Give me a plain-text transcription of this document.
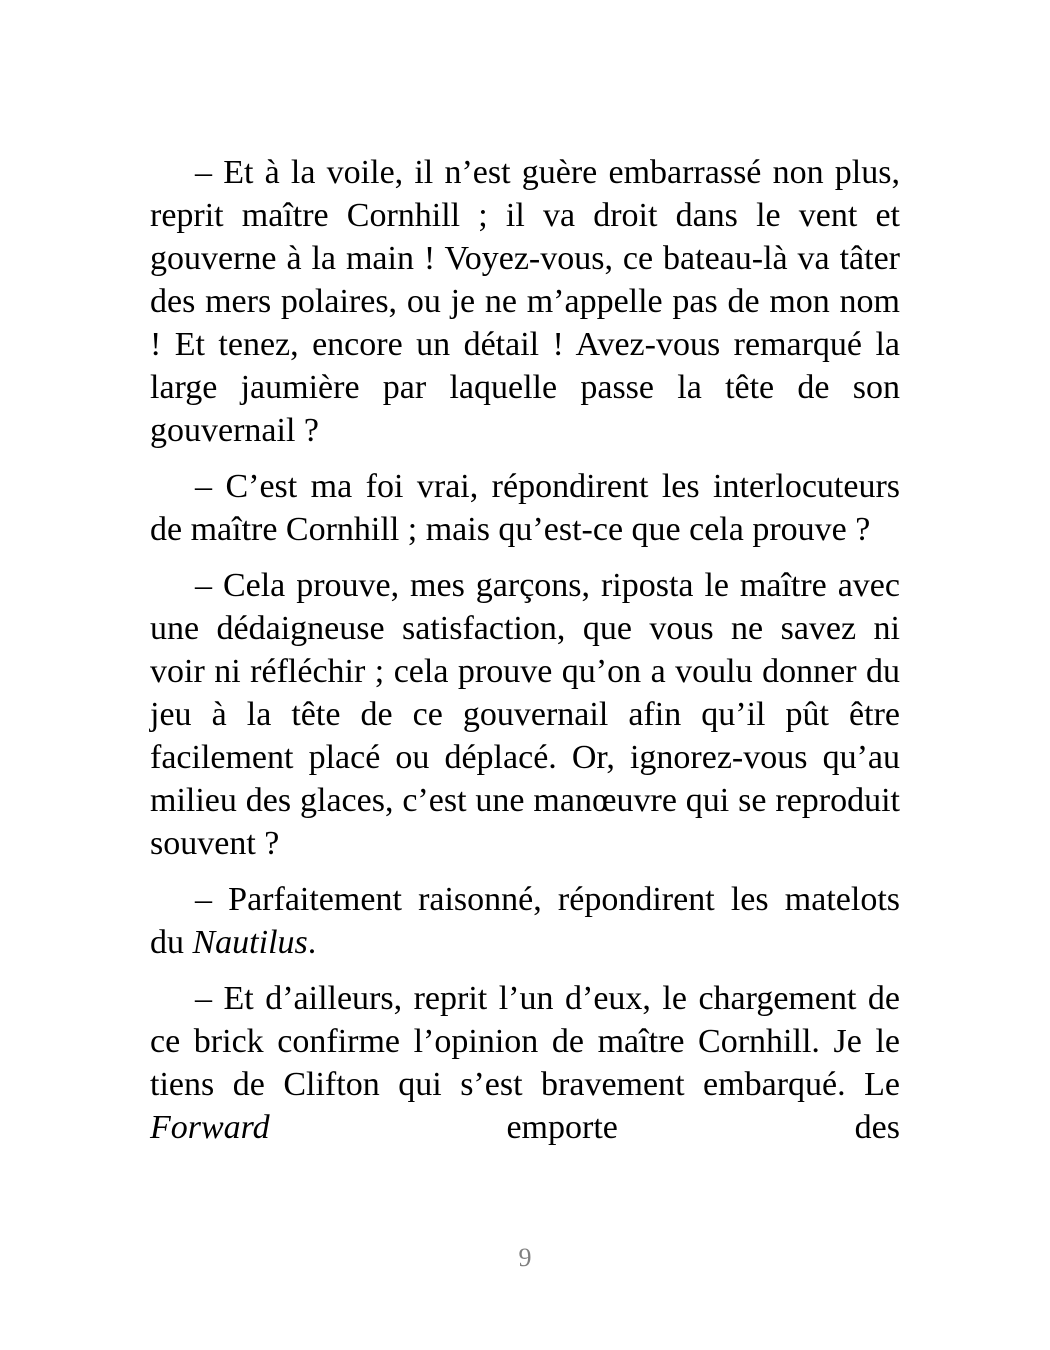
– Et à la voile, il n’est guère embarrassé non plus, reprit maître Cornhill ; il va droit dans le vent et gouverne à la main ! Voyez-vous, ce bateau-là va tâter des mers polaires, ou je ne m’appelle pas de mon nom ! Et tenez, encore un détail ! Avez-vous remarqué la large jaumière par laquelle passe la tête de son gouvernail ?

– C’est ma foi vrai, répondirent les interlocuteurs de maître Cornhill ; mais qu’est-ce que cela prouve ?

– Cela prouve, mes garçons, riposta le maître avec une dédaigneuse satisfaction, que vous ne savez ni voir ni réfléchir ; cela prouve qu’on a voulu donner du jeu à la tête de ce gouvernail afin qu’il pût être facilement placé ou déplacé. Or, ignorez-vous qu’au milieu des glaces, c’est une manœuvre qui se reproduit souvent ?

– Parfaitement raisonné, répondirent les matelots du Nautilus.

– Et d’ailleurs, reprit l’un d’eux, le chargement de ce brick confirme l’opinion de maître Cornhill. Je le tiens de Clifton qui s’est bravement embarqué. Le Forward emporte des

9
